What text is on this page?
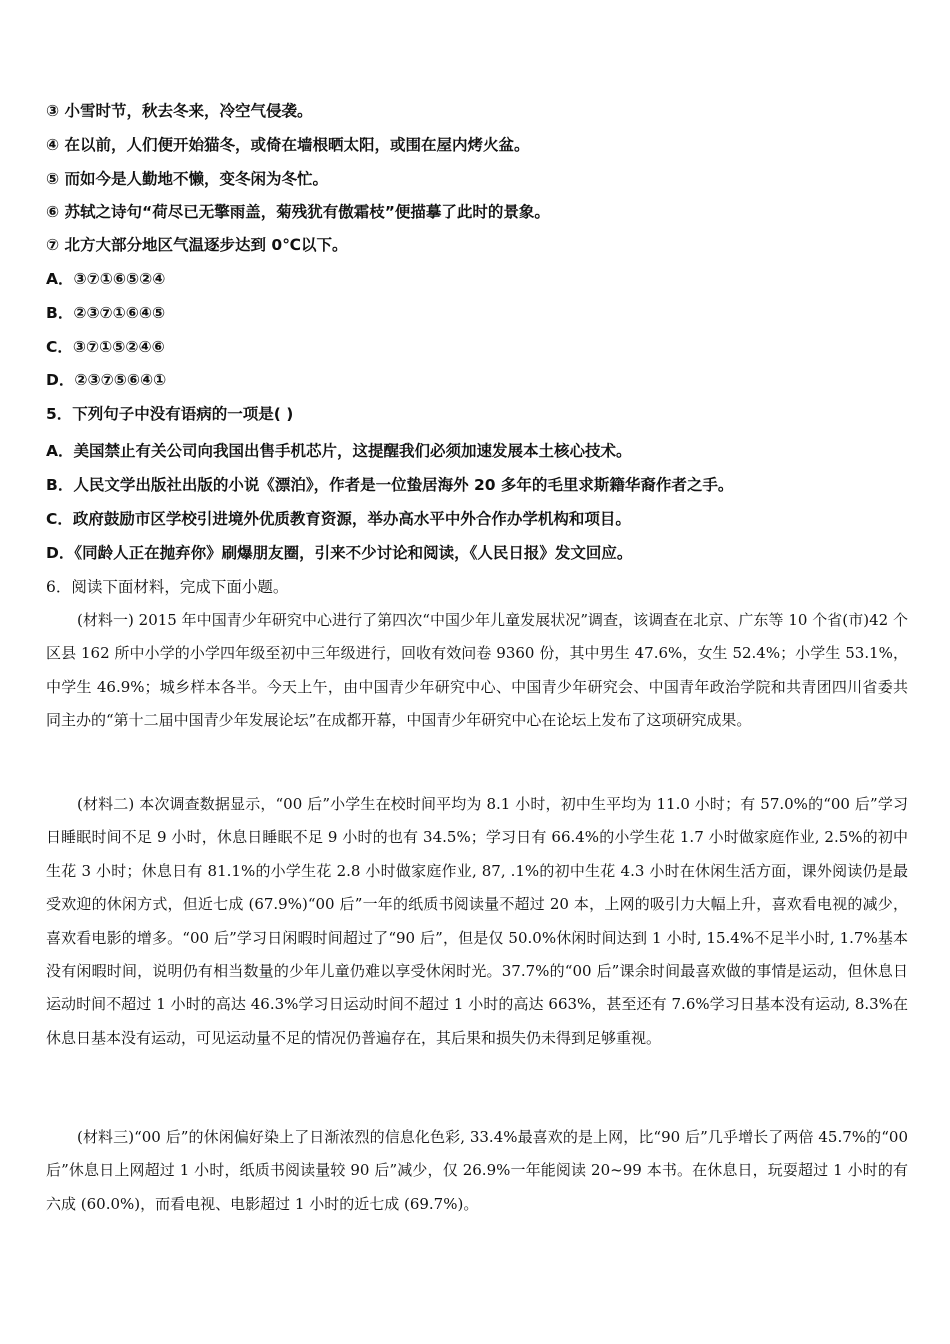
③ 小雪时节，秋去冬来，冷空气侵袭。
④ 在以前，人们便开始猫冬，或倚在墙根晒太阳，或围在屋内烤火盆。
⑤ 而如今是人勤地不懒，变冬闲为冬忙。
⑥ 苏轼之诗句“荷尽已无擎雨盖，菊残犹有傲霜枝”便描摹了此时的景象。
⑦ 北方大部分地区气温逐步达到 0℃以下。
A．③⑦①⑥⑤②④
B．②③⑦①⑥④⑤
C．③⑦①⑤②④⑥
D．②③⑦⑤⑥④①
5．下列句子中没有语病的一项是( )
A．美国禁止有关公司向我国出售手机芯片，这提醒我们必须加速发展本土核心技术。
B．人民文学出版社出版的小说《漂泊》，作者是一位蛰居海外 20 多年的毛里求斯籍华裔作者之手。
C．政府鼓励市区学校引进境外优质教育资源，举办高水平中外合作办学机构和项目。
D．《同龄人正在抛弃你》刷爆朋友圈，引来不少讨论和阅读，《人民日报》发文回应。
6．阅读下面材料，完成下面小题。

(材料一) 2015 年中国青少年研究中心进行了第四次“中国少年儿童发展状况”调查，该调查在北京、广东等 10 个省(市)42 个区县 162 所中小学的小学四年级至初中三年级进行，回收有效问卷 9360 份，其中男生 47.6%，女生 52.4%；小学生 53.1%，中学生 46.9%；城乡样本各半。今天上午，由中国青少年研究中心、中国青少年研究会、中国青年政治学院和共青团四川省委共同主办的“第十二届中国青少年发展论坛”在成都开幕，中国青少年研究中心在论坛上发布了这项研究成果。

(材料二) 本次调查数据显示，“00 后”小学生在校时间平均为 8.1 小时，初中生平均为 11.0 小时；有 57.0%的“00 后”学习日睡眠时间不足 9 小时，休息日睡眠不足 9 小时的也有 34.5%；学习日有 66.4%的小学生花 1.7 小时做家庭作业, 2.5%的初中生花 3 小时；休息日有 81.1%的小学生花 2.8 小时做家庭作业, 87, .1%的初中生花 4.3 小时在休闲生活方面，课外阅读仍是最受欢迎的休闲方式，但近七成 (67.9%)“00 后”一年的纸质书阅读量不超过 20 本，上网的吸引力大幅上升，喜欢看电视的减少，喜欢看电影的增多。“00 后”学习日闲暇时间超过了“90 后”，但是仅 50.0%休闲时间达到 1 小时, 15.4%不足半小时, 1.7%基本没有闲暇时间，说明仍有相当数量的少年儿童仍难以享受休闲时光。37.7%的“00 后”课余时间最喜欢做的事情是运动，但休息日运动时间不超过 1 小时的高达 46.3%学习日运动时间不超过 1 小时的高达 663%，甚至还有 7.6%学习日基本没有运动, 8.3%在休息日基本没有运动，可见运动量不足的情况仍普遍存在，其后果和损失仍未得到足够重视。

(材料三)“00 后”的休闲偏好染上了日渐浓烈的信息化色彩, 33.4%最喜欢的是上网，比“90 后”几乎增长了两倍 45.7%的“00 后”休息日上网超过 1 小时，纸质书阅读量较 90 后”减少，仅 26.9%一年能阅读 20~99 本书。在休息日，玩耍超过 1 小时的有六成 (60.0%)，而看电视、电影超过 1 小时的近七成 (69.7%)。
